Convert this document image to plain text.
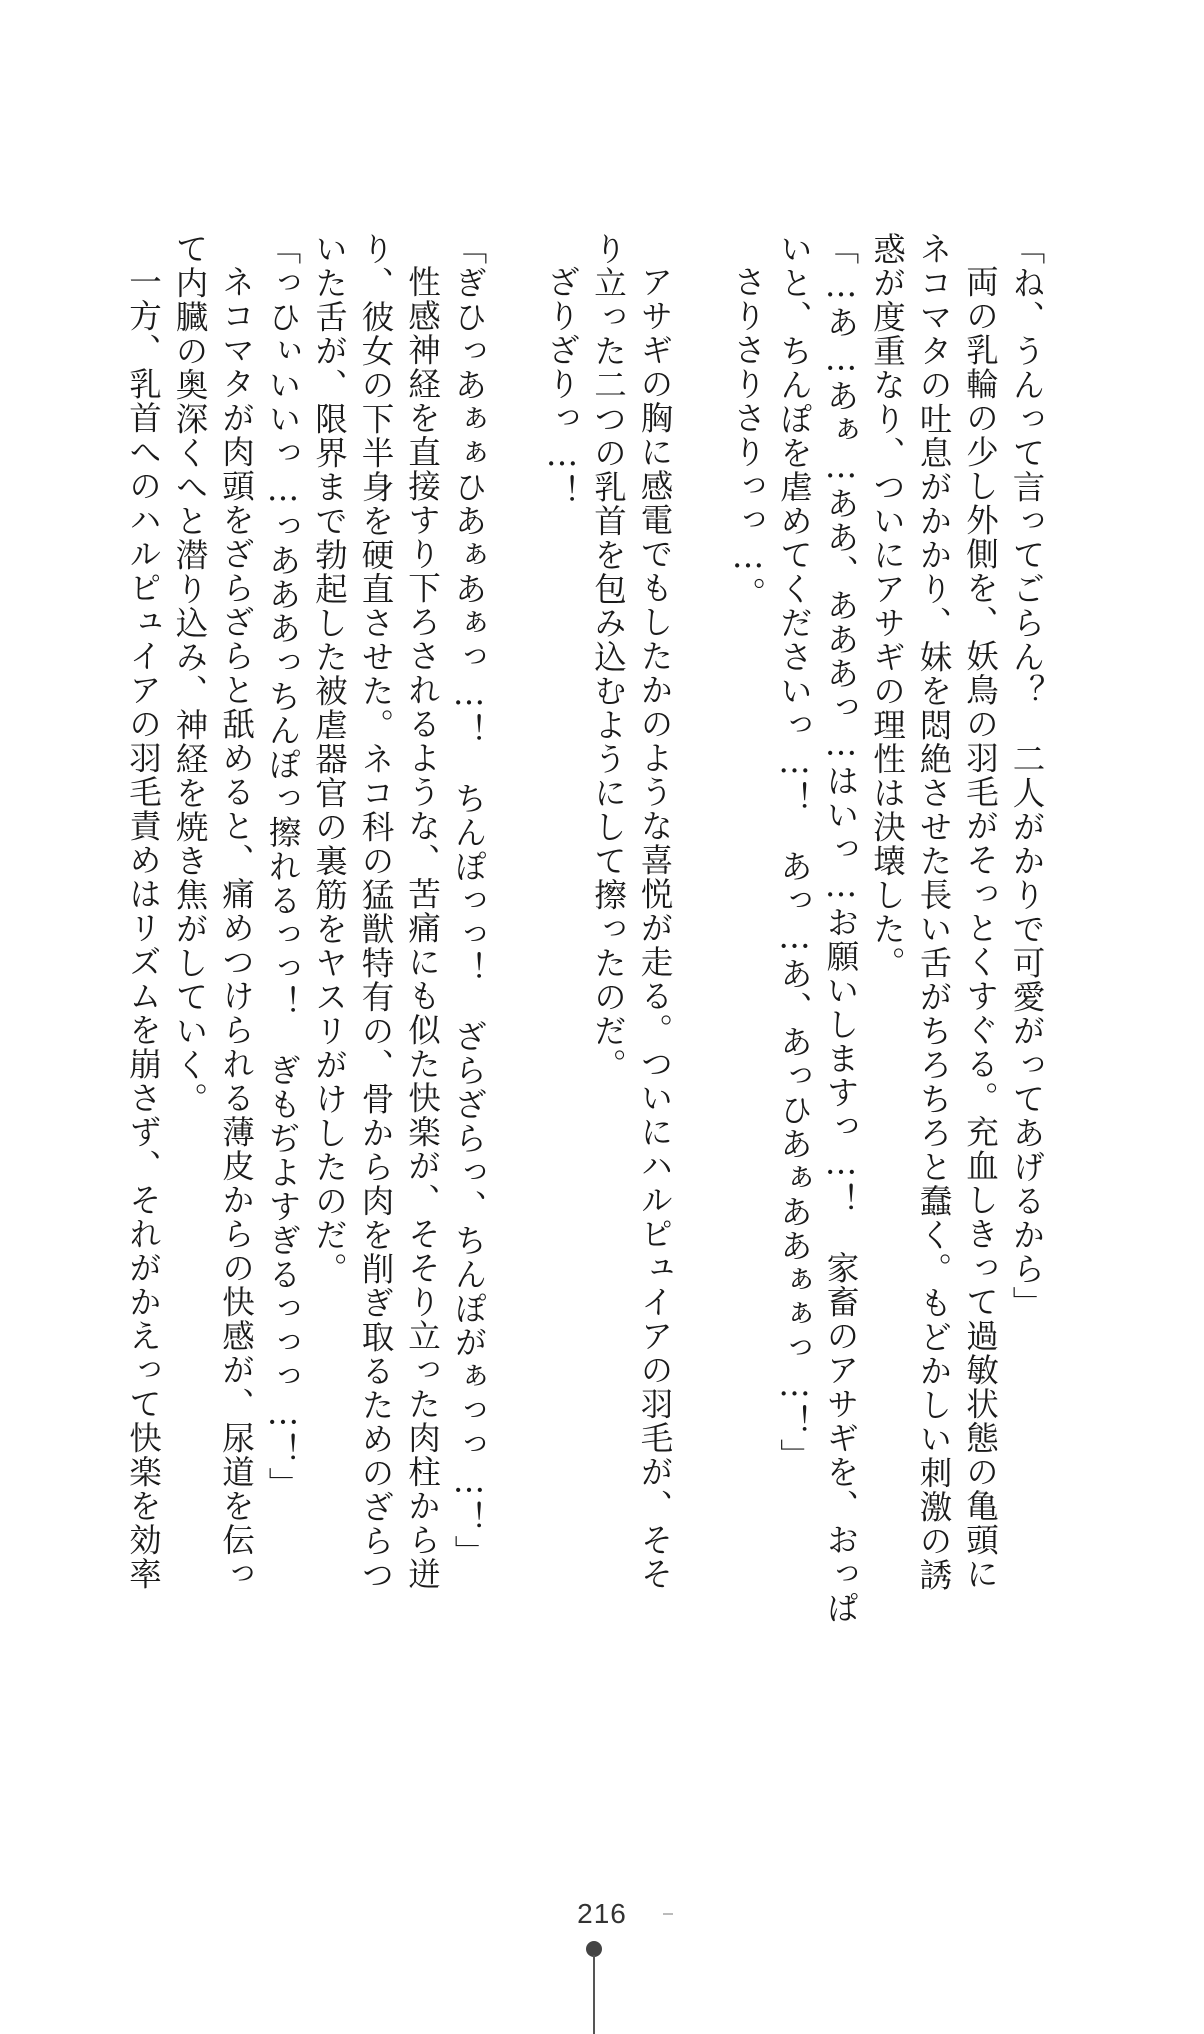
「ね、うんって言ってごらん？　二人がかりで可愛がってあげるから」
両の乳輪の少し外側を、妖鳥の羽毛がそっとくすぐる。充血しきって過敏状態の亀頭に
ネコマタの吐息がかかり、妹を悶絶させた長い舌がちろちろと蠢く。もどかしい刺激の誘
惑が度重なり、ついにアサギの理性は決壊した。
「…あ…あぁ…ああ、あああっ…はいっ…お願いしますっ…！　家畜のアサギを、おっぱ
いと、ちんぽを虐めてくださいっ…！　あっ…あ、あっひあぁああぁぁっ…！」
さりさりさりっっ…。

アサギの胸に感電でもしたかのような喜悦が走る。ついにハルピュイアの羽毛が、そそ
り立った二つの乳首を包み込むようにして擦ったのだ。
ざりざりっ…！

「ぎひっあぁぁひあぁあぁっ…！　ちんぽっっ！　ざらざらっ、ちんぽがぁっっ…！」
性感神経を直接すり下ろされるような、苦痛にも似た快楽が、そそり立った肉柱から迸
り、彼女の下半身を硬直させた。ネコ科の猛獣特有の、骨から肉を削ぎ取るためのざらつ
いた舌が、限界まで勃起した被虐器官の裏筋をヤスリがけしたのだ。
「っひぃいいっ…っあああっちんぽっ擦れるっっ！　ぎもぢよすぎるっっっ…！」
ネコマタが肉頭をざらざらと舐めると、痛めつけられる薄皮からの快感が、尿道を伝っ
て内臓の奥深くへと潜り込み、神経を焼き焦がしていく。
一方、乳首へのハルピュイアの羽毛責めはリズムを崩さず、それがかえって快楽を効率
216
